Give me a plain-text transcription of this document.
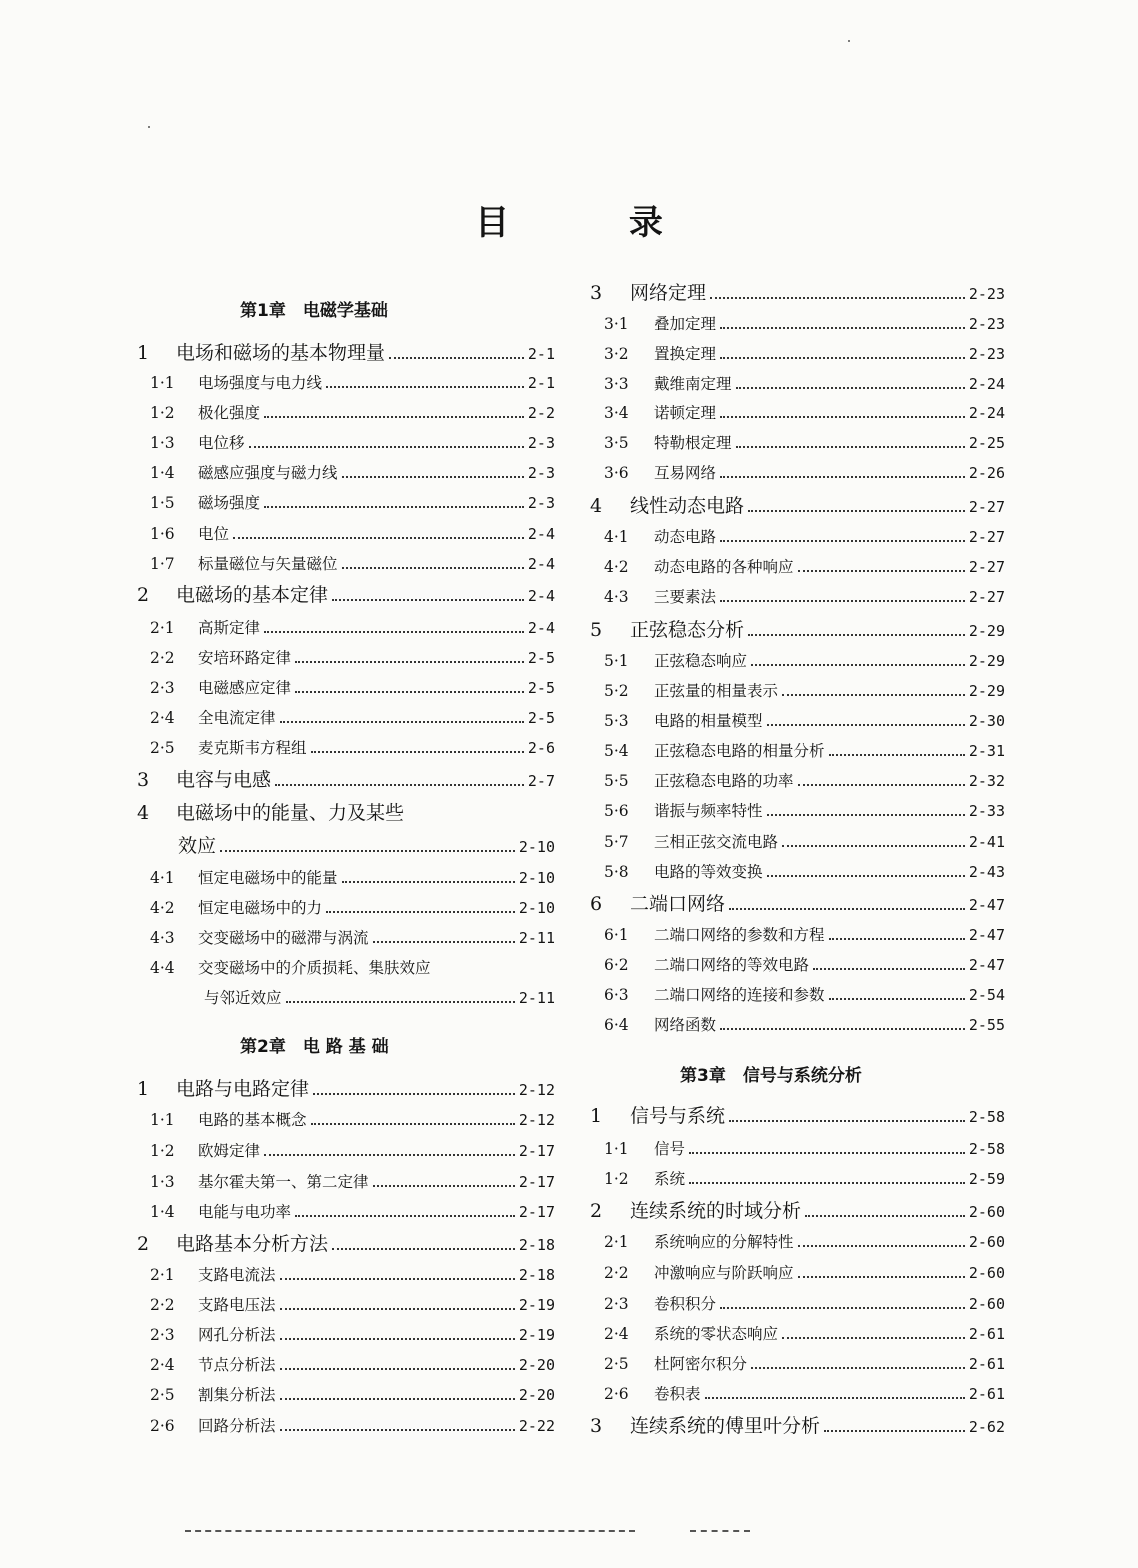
目 录
第1章　电磁学基础
第2章　电 路 基 础
1	电场和磁场的基本物理量	2-1
1·1	电场强度与电力线	2-1
1·2	极化强度	2-2
1·3	电位移	2-3
1·4	磁感应强度与磁力线	2-3
1·5	磁场强度	2-3
1·6	电位	2-4
1·7	标量磁位与矢量磁位	2-4
2	电磁场的基本定律	2-4
2·1	高斯定律	2-4
2·2	安培环路定律	2-5
2·3	电磁感应定律	2-5
2·4	全电流定律	2-5
2·5	麦克斯韦方程组	2-6
3	电容与电感	2-7
4	电磁场中的能量、力及某些
效应	2-10
4·1	恒定电磁场中的能量	2-10
4·2	恒定电磁场中的力	2-10
4·3	交变磁场中的磁滞与涡流	2-11
4·4	交变磁场中的介质损耗、集肤效应
与邻近效应	2-11
1	电路与电路定律	2-12
1·1	电路的基本概念	2-12
1·2	欧姆定律	2-17
1·3	基尔霍夫第一、第二定律	2-17
1·4	电能与电功率	2-17
2	电路基本分析方法	2-18
2·1	支路电流法	2-18
2·2	支路电压法	2-19
2·3	网孔分析法	2-19
2·4	节点分析法	2-20
2·5	割集分析法	2-20
2·6	回路分析法	2-22
第3章　信号与系统分析
3	网络定理	2-23
3·1	叠加定理	2-23
3·2	置换定理	2-23
3·3	戴维南定理	2-24
3·4	诺顿定理	2-24
3·5	特勒根定理	2-25
3·6	互易网络	2-26
4	线性动态电路	2-27
4·1	动态电路	2-27
4·2	动态电路的各种响应	2-27
4·3	三要素法	2-27
5	正弦稳态分析	2-29
5·1	正弦稳态响应	2-29
5·2	正弦量的相量表示	2-29
5·3	电路的相量模型	2-30
5·4	正弦稳态电路的相量分析	2-31
5·5	正弦稳态电路的功率	2-32
5·6	谐振与频率特性	2-33
5·7	三相正弦交流电路	2-41
5·8	电路的等效变换	2-43
6	二端口网络	2-47
6·1	二端口网络的参数和方程	2-47
6·2	二端口网络的等效电路	2-47
6·3	二端口网络的连接和参数	2-54
6·4	网络函数	2-55
1	信号与系统	2-58
1·1	信号	2-58
1·2	系统	2-59
2	连续系统的时域分析	2-60
2·1	系统响应的分解特性	2-60
2·2	冲激响应与阶跃响应	2-60
2·3	卷积积分	2-60
2·4	系统的零状态响应	2-61
2·5	杜阿密尔积分	2-61
2·6	卷积表	2-61
3	连续系统的傅里叶分析	2-62
